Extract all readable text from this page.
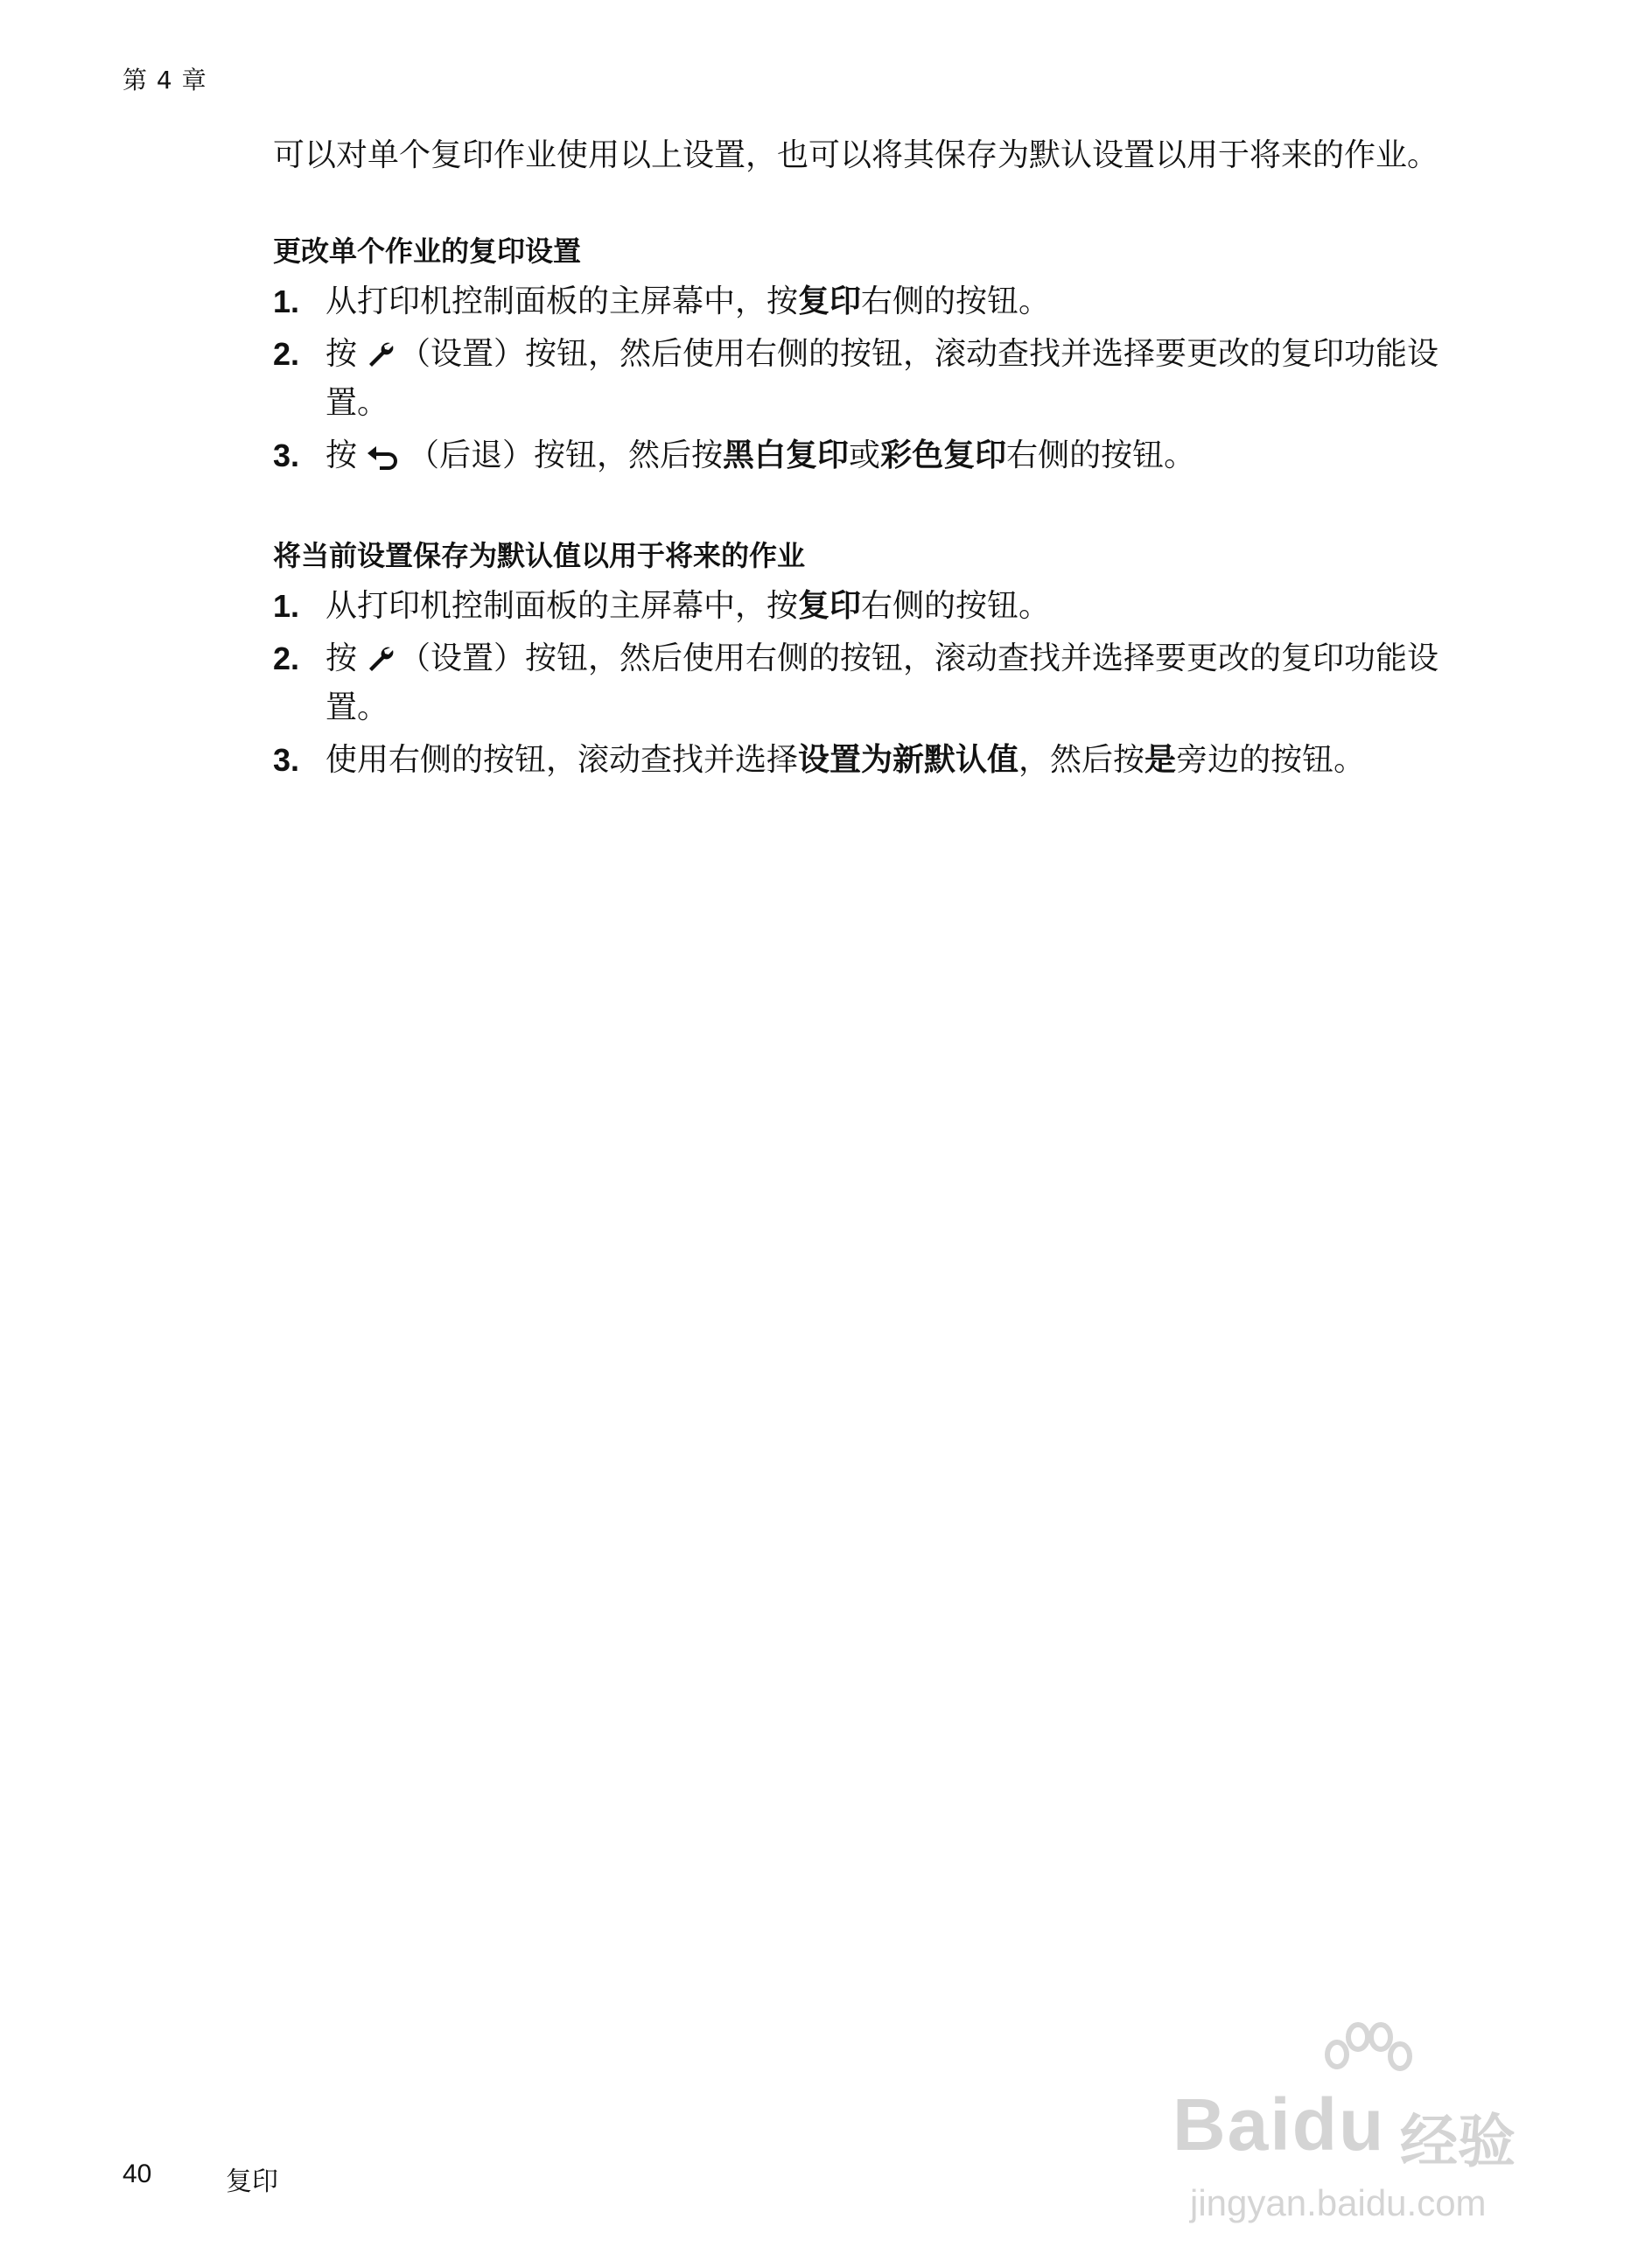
第 4 章

可以对单个复印作业使用以上设置，也可以将其保存为默认设置以用于将来的作业。

更改单个作业的复印设置
1. 从打印机控制面板的主屏幕中，按复印右侧的按钮。
2. 按 （设置）按钮，然后使用右侧的按钮，滚动查找并选择要更改的复印功能设置。
3. 按 （后退）按钮，然后按黑白复印或彩色复印右侧的按钮。
将当前设置保存为默认值以用于将来的作业
1. 从打印机控制面板的主屏幕中，按复印右侧的按钮。
2. 按 （设置）按钮，然后使用右侧的按钮，滚动查找并选择要更改的复印功能设置。
3. 使用右侧的按钮，滚动查找并选择设置为新默认值，然后按是旁边的按钮。
40	复印
Baidu 经验
jingyan.baidu.com
